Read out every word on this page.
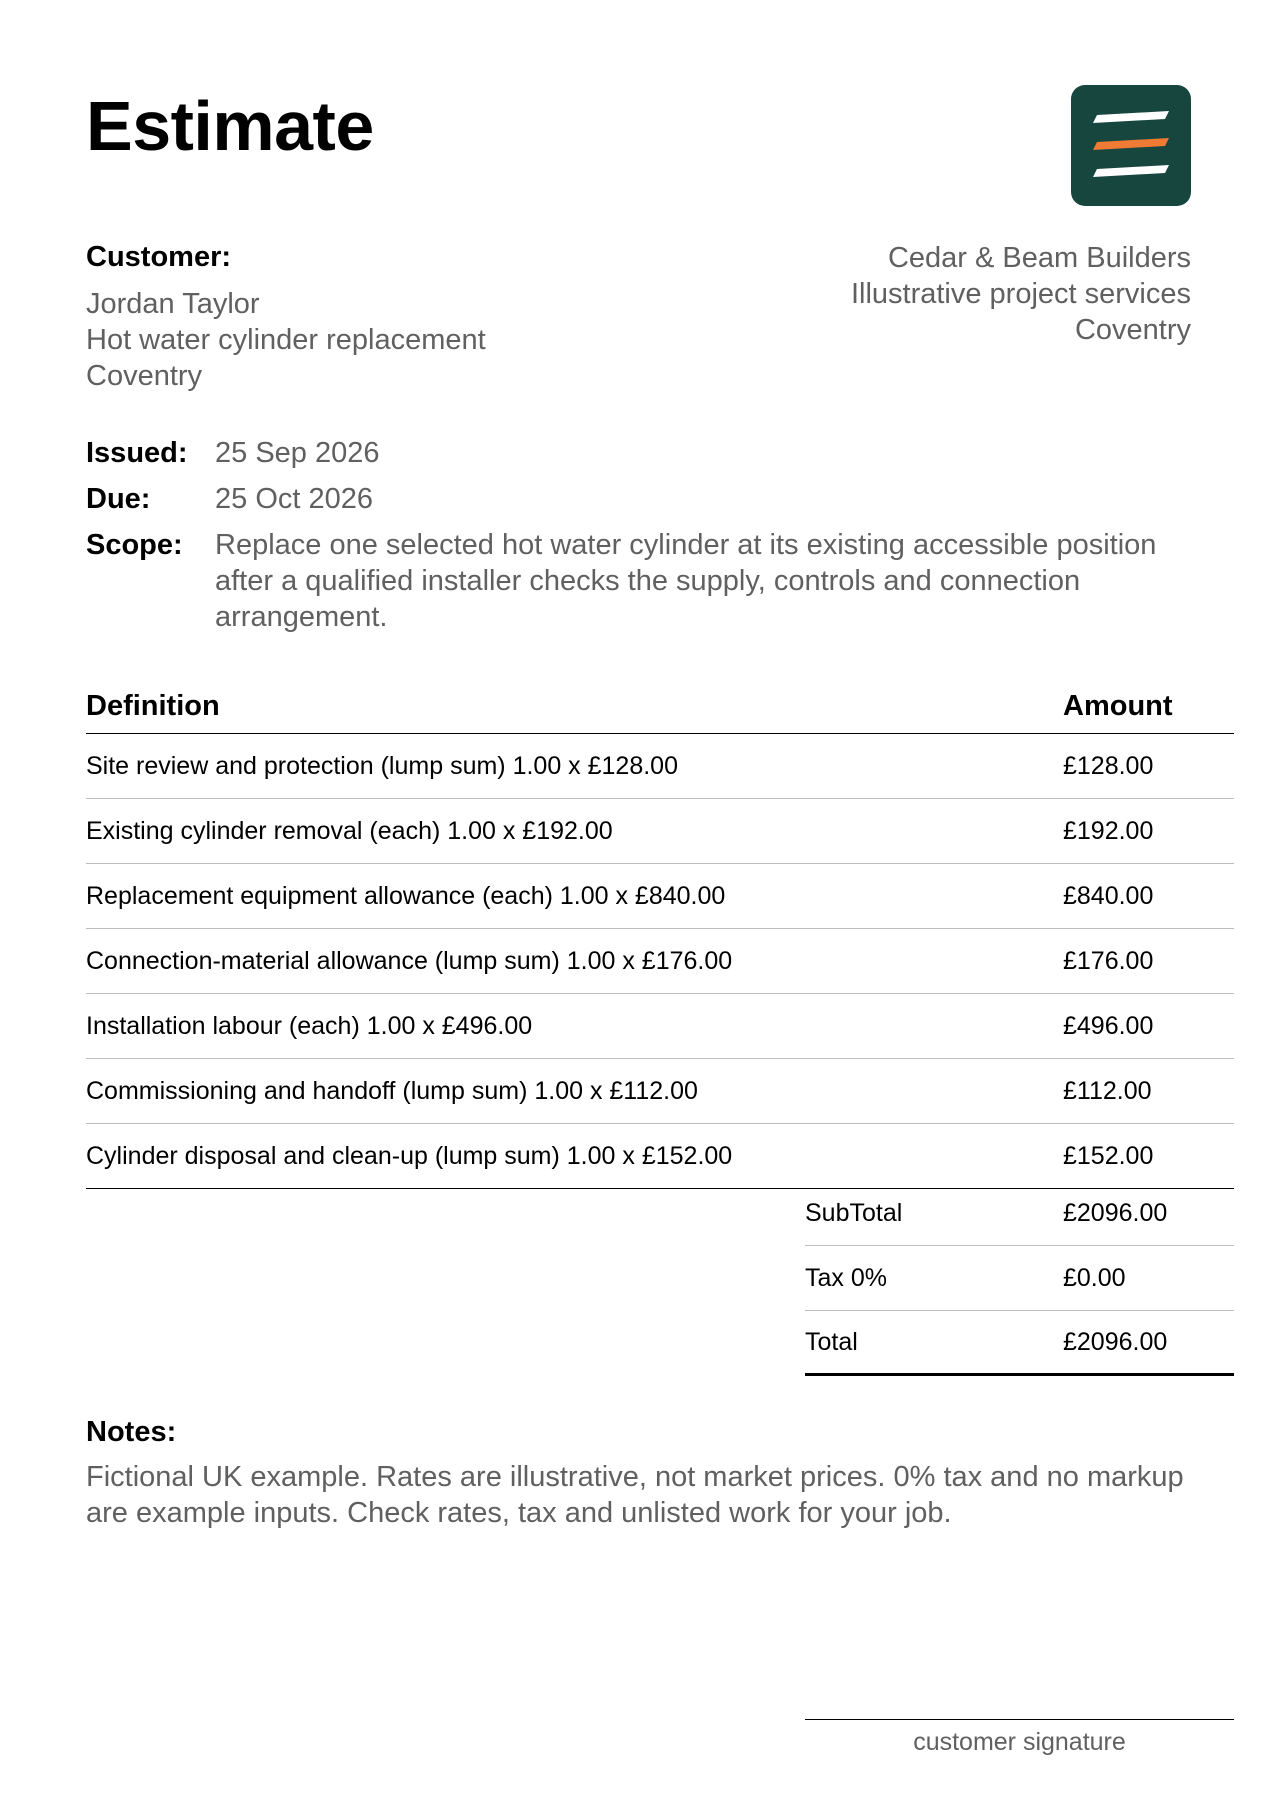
Estimate
Customer:
Jordan Taylor
Hot water cylinder replacement
Coventry
Cedar & Beam Builders
Illustrative project services
Coventry
Issued: 25 Sep 2026
Due:	25 Oct 2026
Scope:	Replace one selected hot water cylinder at its existing accessible position after a qualified installer checks the supply, controls and connection arrangement.
Definition	Amount
Site review and protection (lump sum) 1.00 x £128.00	£128.00
Existing cylinder removal (each) 1.00 x £192.00	£192.00
Replacement equipment allowance (each) 1.00 x £840.00	£840.00
Connection-material allowance (lump sum) 1.00 x £176.00	£176.00
Installation labour (each) 1.00 x £496.00	£496.00
Commissioning and handoff (lump sum) 1.00 x £112.00	£112.00
Cylinder disposal and clean-up (lump sum) 1.00 x £152.00	£152.00
SubTotal	£2096.00
Tax 0%	£0.00
Total	£2096.00
Notes:
Fictional UK example. Rates are illustrative, not market prices. 0% tax and no markup are example inputs. Check rates, tax and unlisted work for your job.
customer signature
